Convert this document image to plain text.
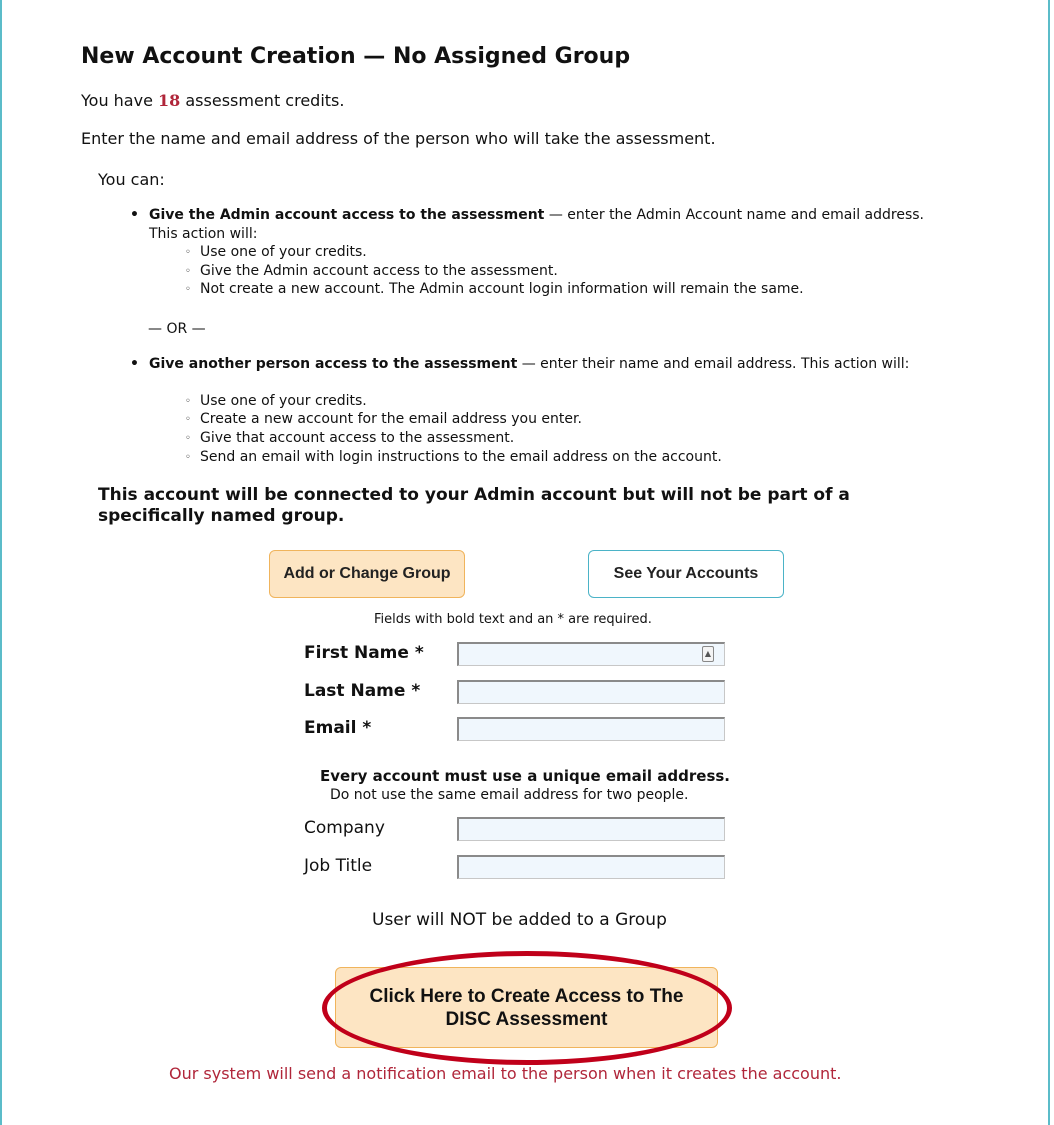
New Account Creation — No Assigned Group
You have 18 assessment credits.
Enter the name and email address of the person who will take the assessment.
You can:
• Give the Admin account access to the assessment — enter the Admin Account name and email address. This action will:
◦ Use one of your credits.
◦ Give the Admin account access to the assessment.
◦ Not create a new account. The Admin account login information will remain the same.
— OR —
• Give another person access to the assessment — enter their name and email address. This action will:
◦ Use one of your credits.
◦ Create a new account for the email address you enter.
◦ Give that account access to the assessment.
◦ Send an email with login instructions to the email address on the account.
This account will be connected to your Admin account but will not be part of a specifically named group.
Add or Change Group	See Your Accounts
Fields with bold text and an * are required.
First Name *	▲
Last Name *
Email *
Every account must use a unique email address.
Do not use the same email address for two people.
Company
Job Title
User will NOT be added to a Group
Click Here to Create Access to The
DISC Assessment
Our system will send a notification email to the person when it creates the account.
